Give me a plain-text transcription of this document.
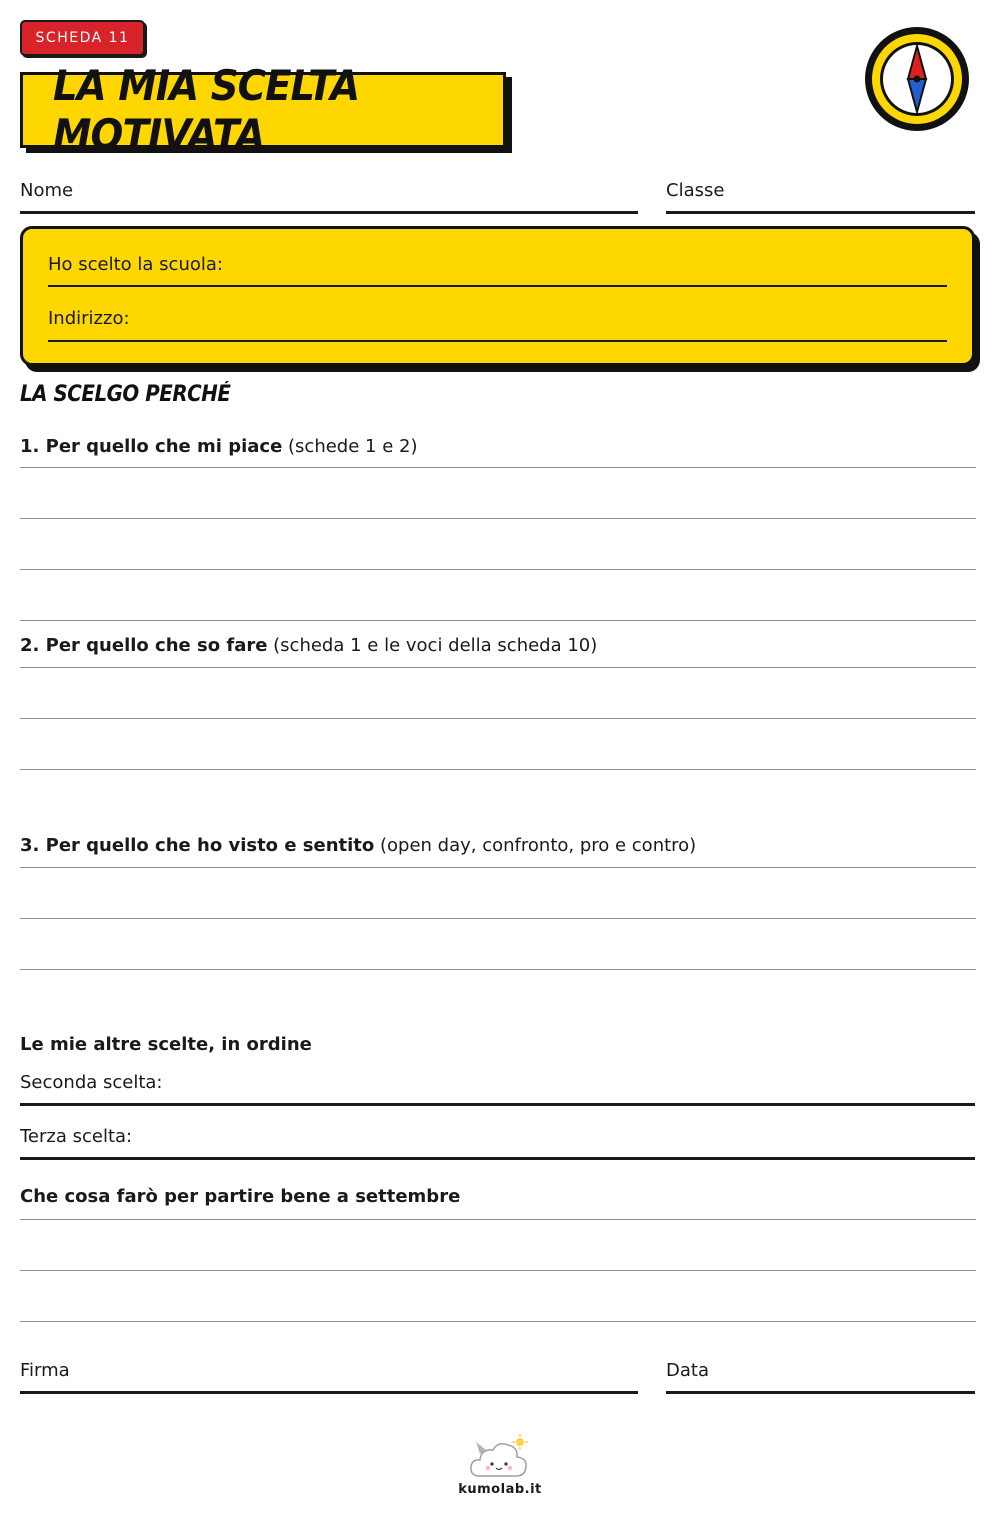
SCHEDA 11
LA MIA SCELTA MOTIVATA
Nome	Classe
Ho scelto la scuola:
Indirizzo:
LA SCELGO PERCHÉ
1. Per quello che mi piace (schede 1 e 2)
2. Per quello che so fare (scheda 1 e le voci della scheda 10)
3. Per quello che ho visto e sentito (open day, confronto, pro e contro)
Le mie altre scelte, in ordine
Seconda scelta:
Terza scelta:
Che cosa farò per partire bene a settembre
Firma	Data
kumolab.it
